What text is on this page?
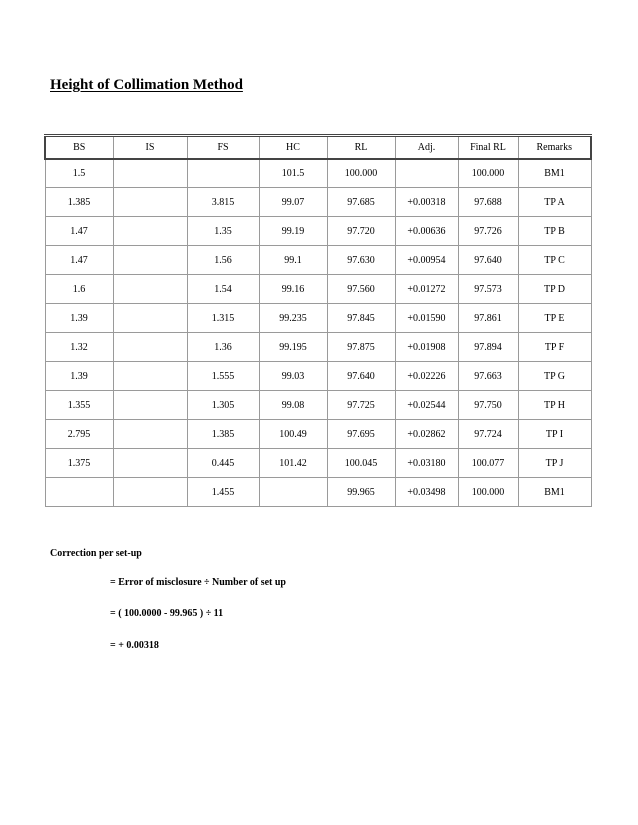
Height of Collimation Method
BS	IS	FS	HC	RL	Adj.	Final RL	Remarks
1.5			101.5	100.000		100.000	BM1
1.385		3.815	99.07	97.685	+0.00318	97.688	TP A
1.47		1.35	99.19	97.720	+0.00636	97.726	TP B
1.47		1.56	99.1	97.630	+0.00954	97.640	TP C
1.6		1.54	99.16	97.560	+0.01272	97.573	TP D
1.39		1.315	99.235	97.845	+0.01590	97.861	TP E
1.32		1.36	99.195	97.875	+0.01908	97.894	TP F
1.39		1.555	99.03	97.640	+0.02226	97.663	TP G
1.355		1.305	99.08	97.725	+0.02544	97.750	TP H
2.795		1.385	100.49	97.695	+0.02862	97.724	TP I
1.375		0.445	101.42	100.045	+0.03180	100.077	TP J
		1.455		99.965	+0.03498	100.000	BM1
Correction per set-up
= Error of misclosure ÷ Number of set up
= ( 100.0000 - 99.965 ) ÷ 11
= + 0.00318
